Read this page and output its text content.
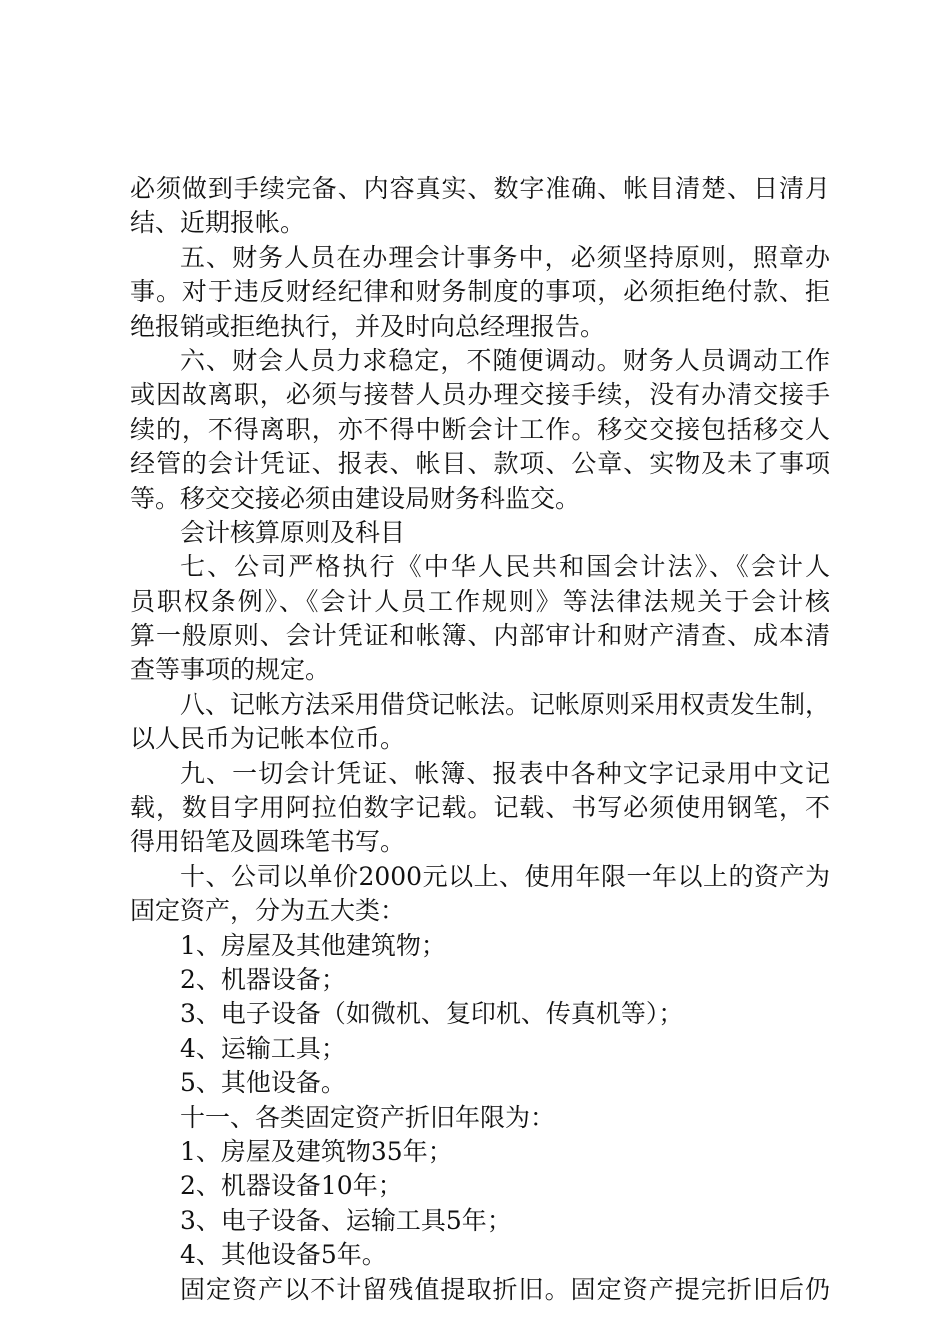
必须做到手续完备、内容真实、数字准确、帐目清楚、日清月
结、近期报帐。
五、财务人员在办理会计事务中，必须坚持原则，照章办
事。对于违反财经纪律和财务制度的事项，必须拒绝付款、拒
绝报销或拒绝执行，并及时向总经理报告。
六、财会人员力求稳定，不随便调动。财务人员调动工作
或因故离职，必须与接替人员办理交接手续，没有办清交接手
续的，不得离职，亦不得中断会计工作。移交交接包括移交人
经管的会计凭证、报表、帐目、款项、公章、实物及未了事项
等。移交交接必须由建设局财务科监交。
会计核算原则及科目
七、公司严格执行《中华人民共和国会计法》、《会计人
员职权条例》、《会计人员工作规则》等法律法规关于会计核
算一般原则、会计凭证和帐簿、内部审计和财产清查、成本清
查等事项的规定。
八、记帐方法采用借贷记帐法。记帐原则采用权责发生制，
以人民币为记帐本位币。
九、一切会计凭证、帐簿、报表中各种文字记录用中文记
载，数目字用阿拉伯数字记载。记载、书写必须使用钢笔，不
得用铅笔及圆珠笔书写。
十、公司以单价2000元以上、使用年限一年以上的资产为
固定资产，分为五大类：
1、房屋及其他建筑物；
2、机器设备；
3、电子设备（如微机、复印机、传真机等）；
4、运输工具；
5、其他设备。
十一、各类固定资产折旧年限为：
1、房屋及建筑物35年；
2、机器设备10年；
3、电子设备、运输工具5年；
4、其他设备5年。
固定资产以不计留残值提取折旧。固定资产提完折旧后仍
